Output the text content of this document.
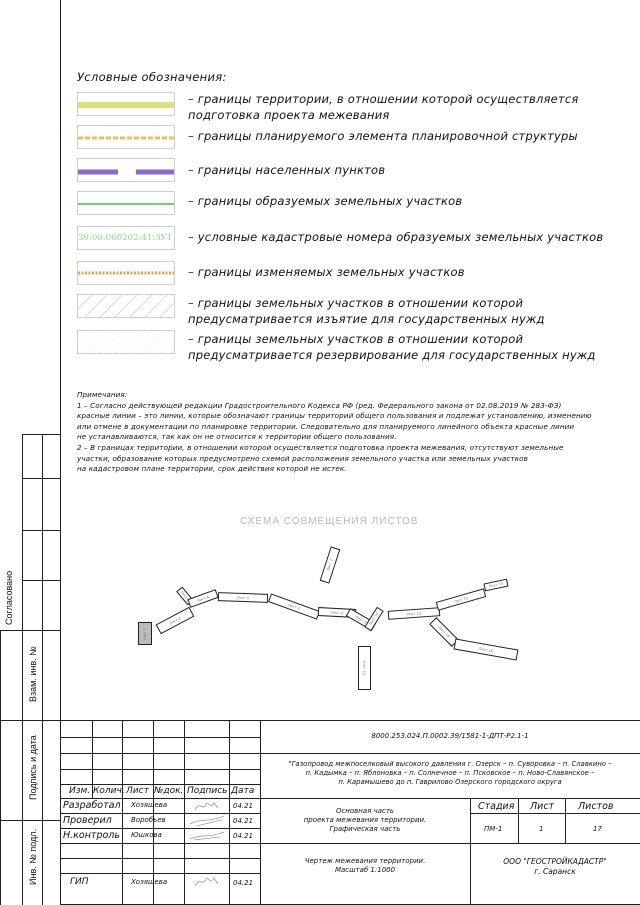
Согласовано
Взам. инв. №
Подпись и дата
Инв. № подл.
Условные обозначения:
– границы территории, в отношении которой осуществляется
подготовка проекта межевания
– границы планируемого элемента планировочной структуры
– границы населенных пунктов
– границы образуемых земельных участков
39:00:060202:41:ЗУ1 – условные кадастровые номера образуемых земельных участков
– границы изменяемых земельных участков
– границы земельных участков в отношении которой
предусматривается изъятие для государственных нужд
– границы земельных участков в отношении которой
предусматривается резервирование для государственных нужд
Примечания:
1 – Согласно действующей редакции Градостроительного Кодекса РФ (ред. Федерального закона от 02.08.2019 № 283-ФЗ)
красные линии – это линии, которые обозначают границы территорий общего пользования и подлежат установлению, изменению
или отмене в документации по планировке территории. Следовательно для планируемого линейного объекта красные линии
не устанавливаются, так как он не относится к территории общего пользования.
2 – В границах территории, в отношении которой осуществляется подготовка проекта межевания, отсутствуют земельные
участки, образование которых предусмотрено схемой расположения земельного участка или земельных участков
на кадастровом плане территории, срок действия которой не истек.
СХЕМА СОВМЕЩЕНИЯ ЛИСТОВ
Лист 1
Лист 2
Лист 3 Лист 4	Лист 5
Лист 6
Лист 7
Лист 8
Лист 9 Лист 10
Лист 11
Лист 12
Лист 13
Лист 14
Лист 15
Лист 16
8000.253.024.П.0002.39/1581-1-ДПТ-Р2.1-1
"Газопровод межпоселковый высокого давления г. Озерск – п. Суворовка – п. Славкино –
п. Кадымка – п. Яблоновка – п. Солнечное – п. Псковское – п. Ново-Славянское –
п. Карамышево до п. Гаврилово Озерского городского округа
Изм. Колич. Лист №док. Подпись Дата
Разработал Хозяшева	04.21
Проверил	Воробьев	04.21
Н.контроль Юшкова	04.21
ГИП	Хозяшева	04.21
Основная часть
проекта межевания территории.
Графическая часть
Стадия Лист	Листов
ПМ-1	1	17
Чертеж межевания территории.
Масштаб 1:1000
ООО "ГЕОСТРОЙКАДАСТР"
г. Саранск
